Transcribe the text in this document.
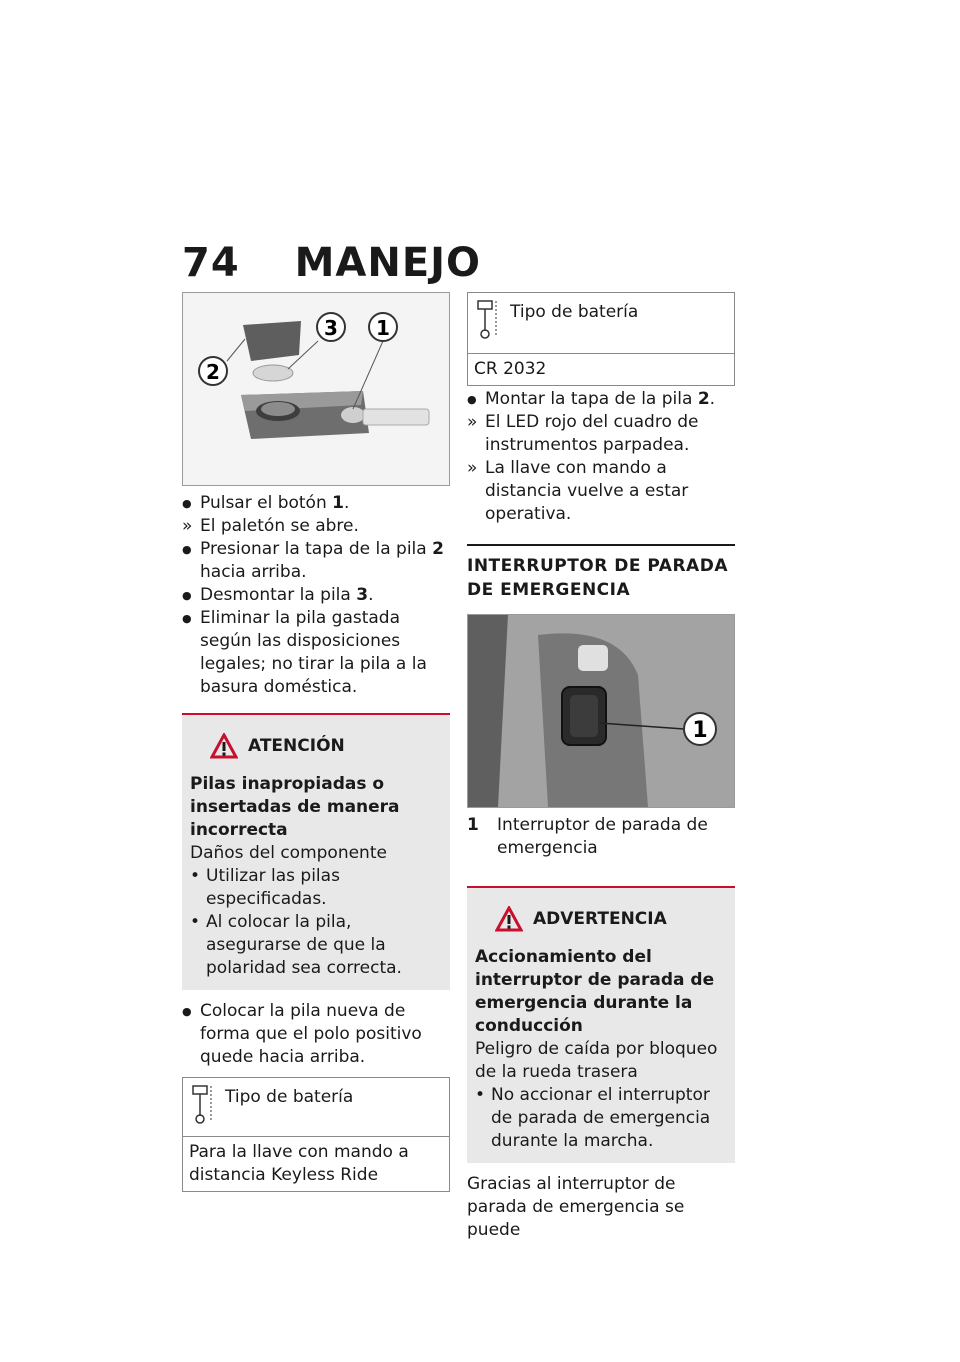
74 MANEJO
2
3 1

● Pulsar el botón 1.

» El paletón se abre.

● Presionar la tapa de la pila 2 hacia arriba.

● Desmontar la pila 3.

● Eliminar la pila gastada según las disposiciones legales; no tirar la pila a la basura doméstica.

ATENCIÓN
Pilas inapropiadas o insertadas de manera incorrecta
Daños del componente
• Utilizar las pilas especificadas.
• Al colocar la pila, asegurarse de que la polaridad sea correcta.

● Colocar la pila nueva de forma que el polo positivo quede hacia arriba.

Tipo de batería
Para la llave con mando a distancia Keyless Ride
Tipo de batería
CR 2032

● Montar la tapa de la pila 2.

» El LED rojo del cuadro de instrumentos parpadea.

» La llave con mando a distancia vuelve a estar operativa.

INTERRUPTOR DE PARADA DE EMERGENCIA
1
1	Interruptor de parada de emergencia
ADVERTENCIA
Accionamiento del interruptor de parada de emergencia durante la conducción
Peligro de caída por bloqueo de la rueda trasera
• No accionar el interruptor de parada de emergencia durante la marcha.

Gracias al interruptor de parada de emergencia se puede
